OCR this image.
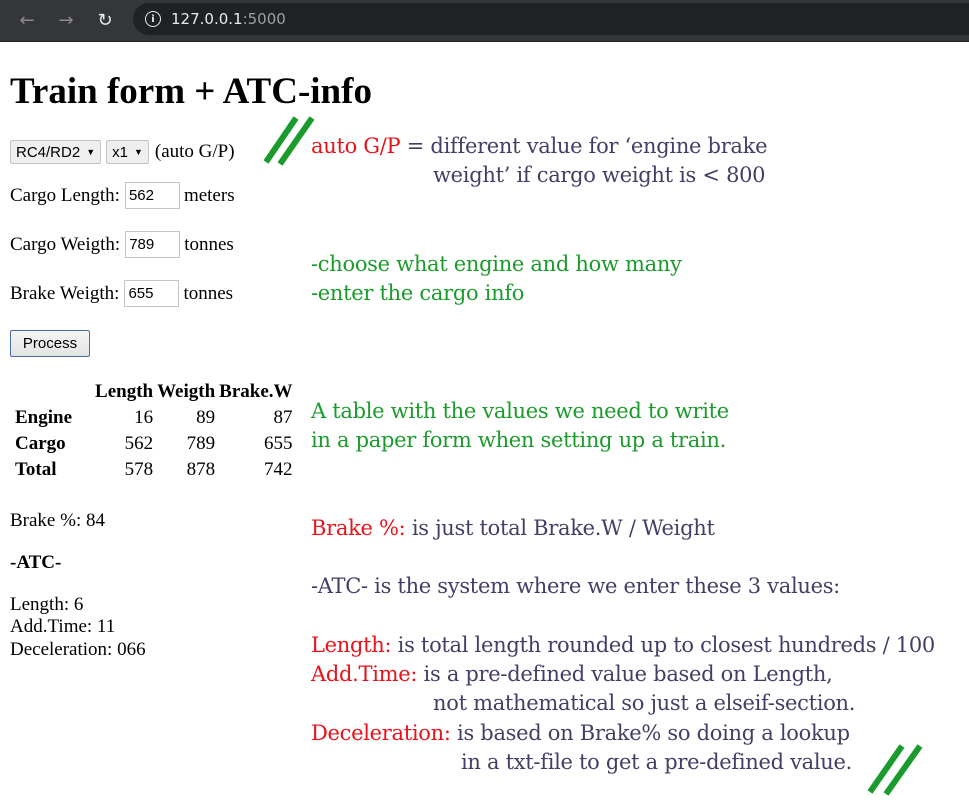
← → ↻	i	127.0.0.1 :5000
Train form + ATC-info
RC4/RD2 ▼ x1 ▼ (auto G/P)
Cargo Length: 562	meters
Cargo Weigth: 789	tonnes
Brake Weigth: 655	tonnes
Process
	Length	Weigth	Brake.W
Engine	16	89	87
Cargo	562	789	655
Total	578	878	742
Brake %: 84
-ATC-
Length: 6
Add.Time: 11
Deceleration: 066
auto G/P = different value for ‘engine brake
weight’ if cargo weight is < 800
-choose what engine and how many
-enter the cargo info
A table with the values we need to write
in a paper form when setting up a train.
Brake %: is just total Brake.W / Weight
-ATC- is the system where we enter these 3 values:
Length: is total length rounded up to closest hundreds / 100
Add.Time: is a pre-defined value based on Length,
not mathematical so just a elseif-section.
Deceleration: is based on Brake% so doing a lookup
in a txt-file to get a pre-defined value.
